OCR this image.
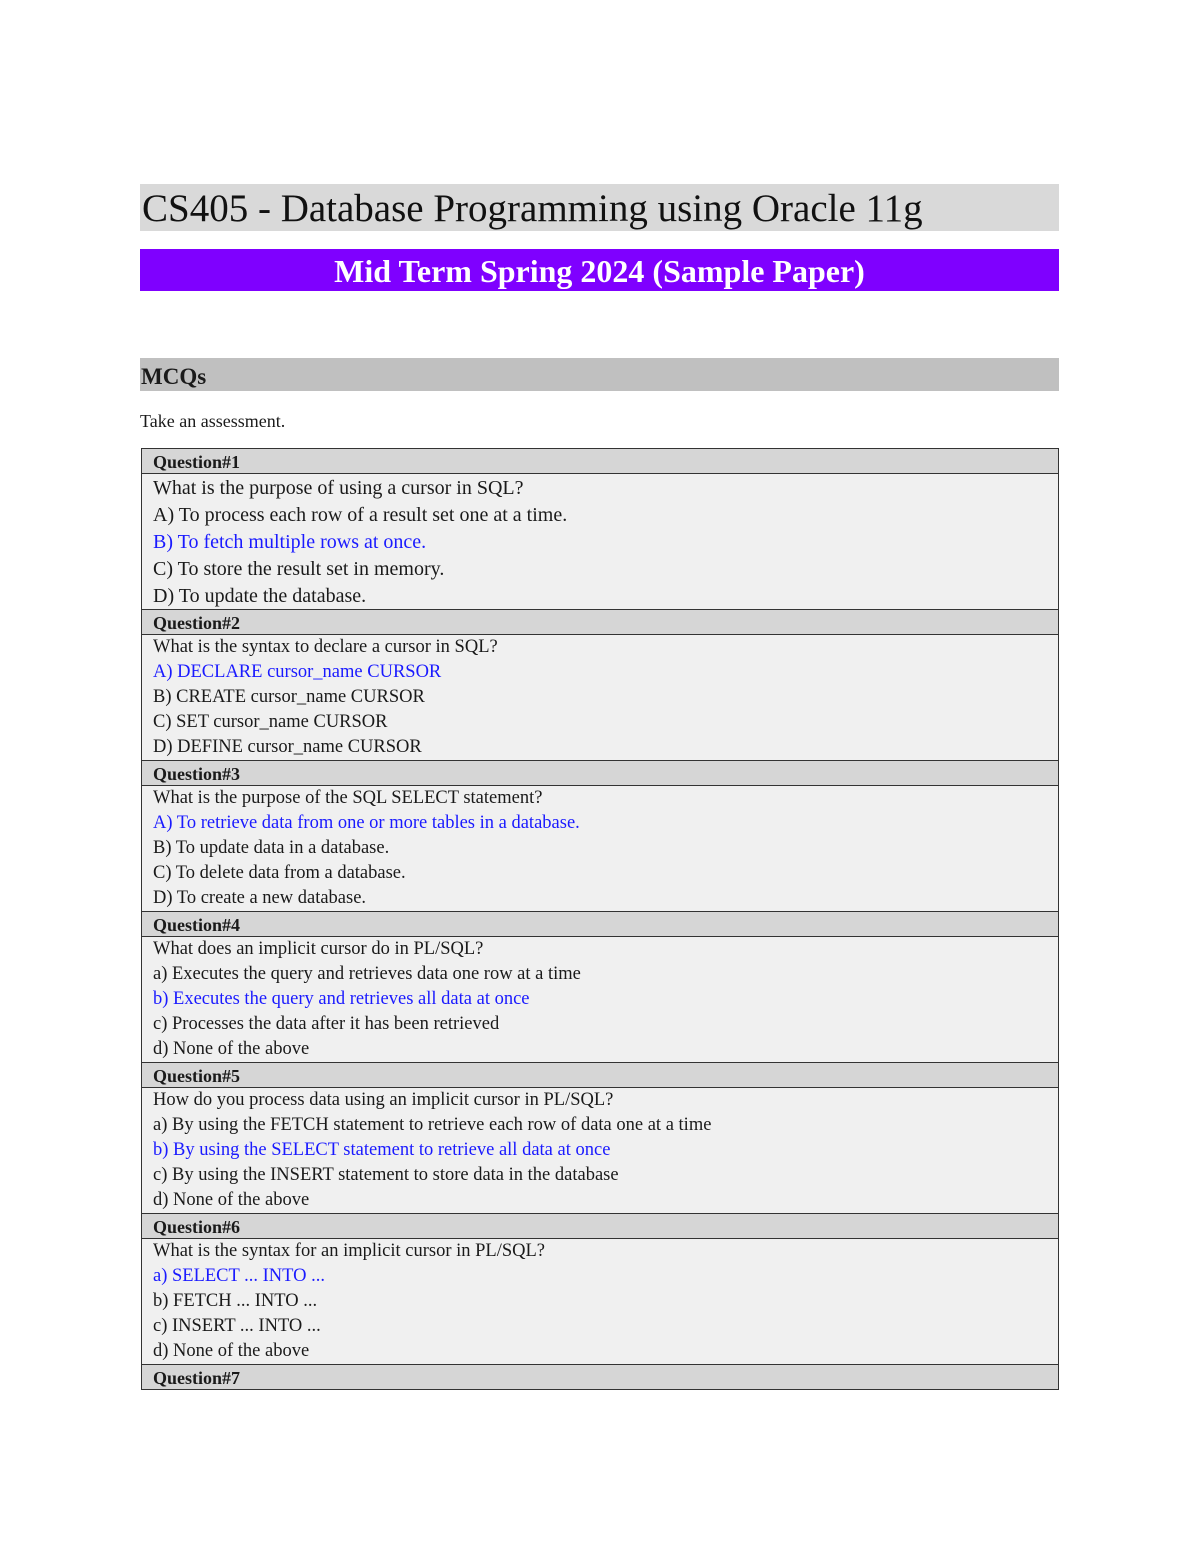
CS405 - Database Programming using Oracle 11g
Mid Term Spring 2024 (Sample Paper)
MCQs
Take an assessment.
Question#1
What is the purpose of using a cursor in SQL?
A) To process each row of a result set one at a time.
B) To fetch multiple rows at once.
C) To store the result set in memory.
D) To update the database.
Question#2
What is the syntax to declare a cursor in SQL?
A) DECLARE cursor_name CURSOR
B) CREATE cursor_name CURSOR
C) SET cursor_name CURSOR
D) DEFINE cursor_name CURSOR
Question#3
What is the purpose of the SQL SELECT statement?
A) To retrieve data from one or more tables in a database.
B) To update data in a database.
C) To delete data from a database.
D) To create a new database.
Question#4
What does an implicit cursor do in PL/SQL?
a) Executes the query and retrieves data one row at a time
b) Executes the query and retrieves all data at once
c) Processes the data after it has been retrieved
d) None of the above
Question#5
How do you process data using an implicit cursor in PL/SQL?
a) By using the FETCH statement to retrieve each row of data one at a time
b) By using the SELECT statement to retrieve all data at once
c) By using the INSERT statement to store data in the database
d) None of the above
Question#6
What is the syntax for an implicit cursor in PL/SQL?
a) SELECT ... INTO ...
b) FETCH ... INTO ...
c) INSERT ... INTO ...
d) None of the above
Question#7
